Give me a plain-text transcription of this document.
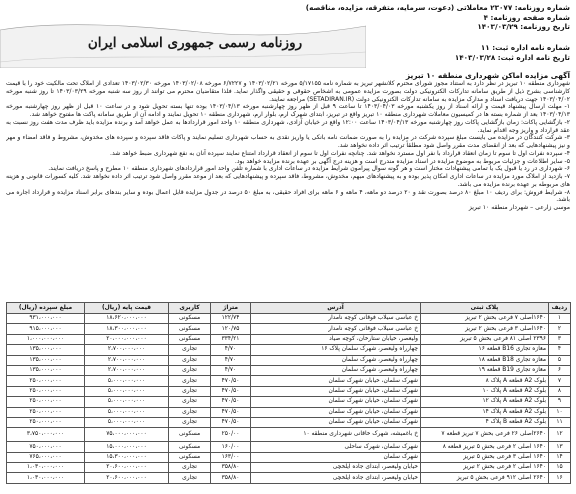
شماره روزنامه: ۲۳۰۷۷ معاملاتی (دعوت، سرمایه، متفرقه، مزایده، مناقصه)
شماره صفحه روزنامه: ۴
تاریخ روزنامه: ۱۴۰۳/۰۳/۲۹
روزنامه رسمی جمهوری اسلامی ایران	شماره نامه اداره ثبت: ۱۱
تاریخ نامه اداره ثبت: ۱۴۰۳/۰۳/۲۸
آگهی مزایده اماکن شهرداری منطقه ۱۰ تبریز

شهرداری منطقه ۱۰ تبریز در نظر دارد به استناد مجوز شورای محترم کلانشهر تبریز به شماره نامه ۵/۱۷۱۵۵ مورخه ۱۴۰۳/۰۲/۲۱ و ۶/۷۲۲۷ مورخه ۱۴۰۳/۰۲/۰۸ مورخه ۱۴۰۳/۰۲/۳۰ تعدادی از املاک تحت مالکیت خود را با قیمت کارشناسی بشرح ذیل از طریق سامانه تدارکات الکترونیکی دولت بصورت مزایده عمومی به اشخاص حقوقی و حقیقی واگذار نماید. فلذا متقاضیان محترم می توانند از روز سه شنبه مورخه ۱۴۰۳/۰۳/۲۹ تا روز شنبه مورخه ۱۴۰۳/۰۴/۰۲ جهت دریافت اسناد و مدارک مزایده به سامانه تدارکات الکترونیکی دولت (SETADIRAN.IR) مراجعه نمایند.

۱- مهلت ارسال پیشنهاد قیمت و ارائه اسناد از روز یکشنبه مورخه ۱۴۰۳/۰۴/۰۳ تا ساعت ۹ قبل از ظهر روز چهارشنبه مورخه ۱۴۰۳/۰۴/۱۳ بوده تنها بسته تحویل شود و در ساعت ۱۰ قبل از ظهر روز چهارشنبه مورخه ۱۴۰۳/۰۴/۱۳ بعد از شماره بسته ها در کمیسیون معاملات شهرداری منطقه ۱۰ تبریز واقع در تبریز، ابتدای شهرک ارم، بلوار ارم، شهرداری منطقه ۱۰ تحویل نمایند و ادامه آن از طریق سامانه پاکت ها مفتوح خواهد شد.

۲- بازگشایی پاکات: زمان بازگشایی پاکات روز چهارشنبه مورخه ۱۴۰۳/۰۴/۱۳ ساعت ۱۲:۰۰ واقع در خیابان آزادی، شهرداری منطقه ۱۰ واحد امور قراردادها به عمل خواهد آمد و برنده مزایده باید ظرف مدت هفت روز نسبت به عقد قرارداد و واریز وجه اقدام نماید.

۳- شرکت کنندگان در مزایده می بایست مبلغ سپرده شرکت در مزایده را به صورت ضمانت نامه بانکی یا واریز نقدی به حساب شهرداری تسلیم نمایند و پاکات فاقد سپرده و سپرده های مخدوش، مشروط و فاقد امضاء و مهر و نیز پیشنهادهایی که بعد از انقضای مدت مقرر واصل شود مطلقاً ترتیب اثر داده نخواهد شد.

۴- سپرده نفرات اول تا سوم تا زمان انعقاد قرارداد با نفر اول مسترد نخواهد شد. چنانچه نفرات اول تا سوم از انعقاد قرارداد امتناع نمایند سپرده آنان به نفع شهرداری ضبط خواهد شد.

۵- سایر اطلاعات و جزئیات مربوط به موضوع مزایده در اسناد مزایده مندرج است و هزینه درج آگهی بر عهده برنده مزایده خواهد بود.

۶- شهرداری در رد یا قبول یک یا تمامی پیشنهادات مختار است و هر گونه سوال پیرامون شرایط مزایده در ساعات اداری با شماره تلفن واحد امور قراردادهای شهرداری منطقه ۱۰ مطرح و پاسخ دریافت نمایند.

۷- بازدید از املاک مورد مزایده در ساعات اداری امکان پذیر بوده و به پیشنهادهای مبهم، مخدوش، مشروط، فاقد سپرده و پیشنهادهایی که بعد از موعد مقرر واصل شود ترتیب اثر داده نخواهد شد. کلیه کسورات قانونی و هزینه های مربوطه بر عهده برنده مزایده می باشد.

۸- شرایط فروش: برای ردیف ۱۰ مبلغ ۸۰ درصد بصورت نقد و ۲۰ درصد دو ماهه، ۴ ماهه و ۶ ماهه برای افراد حقیقی، به مبلغ ۵۰ درصد در جدول مزایده قابل اعمال بوده و سایر بندهای برابر اسناد مزایده و قرارداد اجاره می باشد.

موسی زارعی – شهردار منطقه ۱۰ تبریز

ردیف	پلاک ثبتی	آدرس	متراژ	کاربری	قیمت پایه (ریال)	مبلغ سپرده (ریال)
۱	۱۶۴۰اصلی ۷ فرعی بخش ۲ تبریز	خ عباسی سیلاب فوقانی کوچه نامدار	۱۲۲/۷۴	مسکونی	۱۸،۶۲۰،۰۰۰،۰۰۰	۹۳۱،۰۰۰،۰۰۰
۲	۱۶۴۰اصلی ۳ فرعی بخش ۲ تبریز	خ عباسی سیلاب فوقانی کوچه نامدار	۱۲۰/۷۵	مسکونی	۱۸،۳۰۰،۰۰۰،۰۰۰	۹۱۵،۰۰۰،۰۰۰
۳	۲۳۹۶ اصلی ۸۱ فرعی بخش ۵ تبریز	ولیعصر، خیابان ستارخان، کوچه صیاد	۳۳۴/۲۱	مسکونی	۲۰،۰۰۰،۰۰۰،۰۰۰	۱،۰۰۰،۰۰۰،۰۰۰
۴	مغازه تجاری B16 قطعه ۱۶	چهارراه ولیعصر، شهرک سلمان پلاک ۱۶	۴/۷۰	تجاری	۲،۷۰۰،۰۰۰،۰۰۰	۱۳۵،۰۰۰،۰۰۰
۵	مغازه تجاری B18 قطعه ۱۸	چهارراه ولیعصر، شهرک سلمان	۴/۷۰	تجاری	۲،۷۰۰،۰۰۰،۰۰۰	۱۳۵،۰۰۰،۰۰۰
۶	مغازه تجاری B19 قطعه ۱۹	چهارراه ولیعصر، شهرک سلمان	۴/۷۰	تجاری	۲،۷۰۰،۰۰۰،۰۰۰	۱۳۵،۰۰۰،۰۰۰
۷	بلوک A2 قطعه A پلاک ۸	شهرک سلمان، خیابان شهرک سلمان	۴۷۰/۵۰	تجاری	۵،۰۰۰،۰۰۰،۰۰۰	۲۵۰،۰۰۰،۰۰۰
۸	بلوک A2 قطعه A پلاک ۱۰	شهرک سلمان، خیابان شهرک سلمان	۴۷۰/۵۰	تجاری	۵،۰۰۰،۰۰۰،۰۰۰	۲۵۰،۰۰۰،۰۰۰
۹	بلوک A2 قطعه A پلاک ۱۲	شهرک سلمان، خیابان شهرک سلمان	۴۷۰/۵۰	تجاری	۵،۰۰۰،۰۰۰،۰۰۰	۲۵۰،۰۰۰،۰۰۰
۱۰	بلوک A2 قطعه A پلاک ۱۴	شهرک سلمان، خیابان شهرک سلمان	۴۷۰/۵۰	تجاری	۵،۰۰۰،۰۰۰،۰۰۰	۲۵۰،۰۰۰،۰۰۰
۱۱	بلوک A2 قطعه B پلاک ۴	شهرک سلمان، خیابان شهرک سلمان	۴۷۰/۵۰	تجاری	۵،۰۰۰،۰۰۰،۰۰۰	۲۵۰،۰۰۰،۰۰۰
۱۲	۲۶۴۰اصلی ۲۶ فرعی بخش ۷ تبریز قطعه ۷	خ باغمیشه، شهرک خاقانی شهرداری منطقه ۱۰	۲۵۰/۰۰	مسکونی	۷۵،۰۰۰،۰۰۰،۰۰۰	۳،۷۵۰،۰۰۰،۰۰۰
۱۳	۱۶۴۰ اصلی ۲ فرعی بخش ۵ تبریز قطعه ۸	شهرک سلمان، شهرک ساحلی	۱۶۰/۰۰	مسکونی	۱۵،۰۰۰،۰۰۰،۰۰۰	۷۵۰،۰۰۰،۰۰۰
۱۴	۱۶۴۰ اصلی ۳ فرعی بخش ۵ تبریز	شهرک سلمان	۱۶۳/۰۰	مسکونی	۱۵،۳۰۰،۰۰۰،۰۰۰	۷۶۵،۰۰۰،۰۰۰
۱۵	۱۶۴۰ اصلی ۲ فرعی بخش ۲ تبریز	خیابان ولیعصر، ابتدای جاده ایلخچی	۳۵۸/۸۰	تجاری	۲۰،۶۰۰،۰۰۰،۰۰۰	۱،۰۳۰،۰۰۰،۰۰۰
۱۶	۲۶۴۰ اصلی ۹۱۲ فرعی بخش ۵ تبریز	خیابان ولیعصر، ابتدای جاده ایلخچی	۳۵۸/۸۰	تجاری	۲۰،۶۰۰،۰۰۰،۰۰۰	۱،۰۳۰،۰۰۰،۰۰۰
